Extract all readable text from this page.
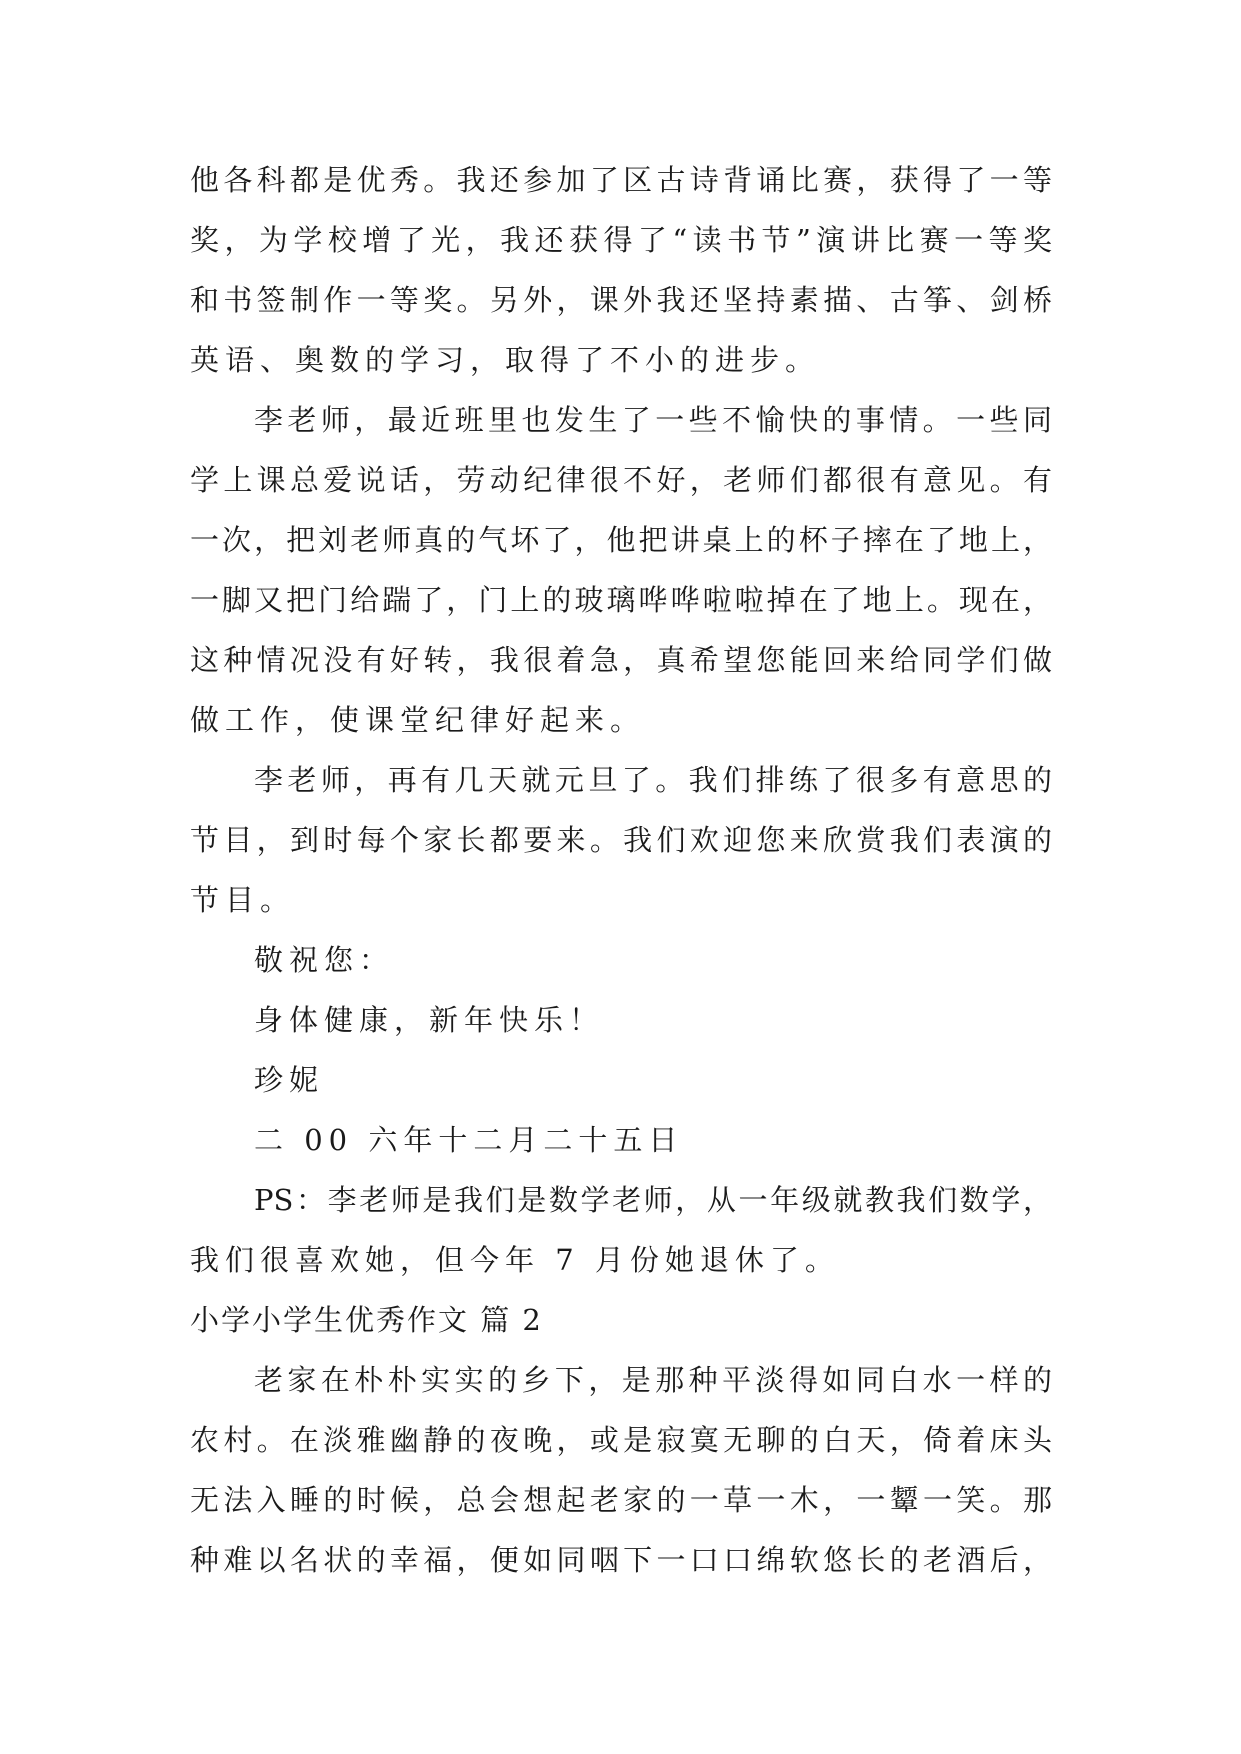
他各科都是优秀。我还参加了区古诗背诵比赛，获得了一等
奖，为学校增了光，我还获得了“读书节”演讲比赛一等奖
和书签制作一等奖。另外，课外我还坚持素描、古筝、剑桥
英语、奥数的学习，取得了不小的进步。
李老师，最近班里也发生了一些不愉快的事情。一些同
学上课总爱说话，劳动纪律很不好，老师们都很有意见。有
一次，把刘老师真的气坏了，他把讲桌上的杯子摔在了地上，
一脚又把门给踹了，门上的玻璃哗哗啦啦掉在了地上。现在，
这种情况没有好转，我很着急，真希望您能回来给同学们做
做工作，使课堂纪律好起来。
李老师，再有几天就元旦了。我们排练了很多有意思的
节目，到时每个家长都要来。我们欢迎您来欣赏我们表演的
节目。
敬祝您：
身体健康，新年快乐！
珍妮
二 00 六年十二月二十五日
PS：李老师是我们是数学老师，从一年级就教我们数学，
我们很喜欢她，但今年 7 月份她退休了。
小学小学生优秀作文 篇 2
老家在朴朴实实的乡下，是那种平淡得如同白水一样的
农村。在淡雅幽静的夜晚，或是寂寞无聊的白天，倚着床头
无法入睡的时候，总会想起老家的一草一木，一颦一笑。那
种难以名状的幸福，便如同咽下一口口绵软悠长的老酒后，
